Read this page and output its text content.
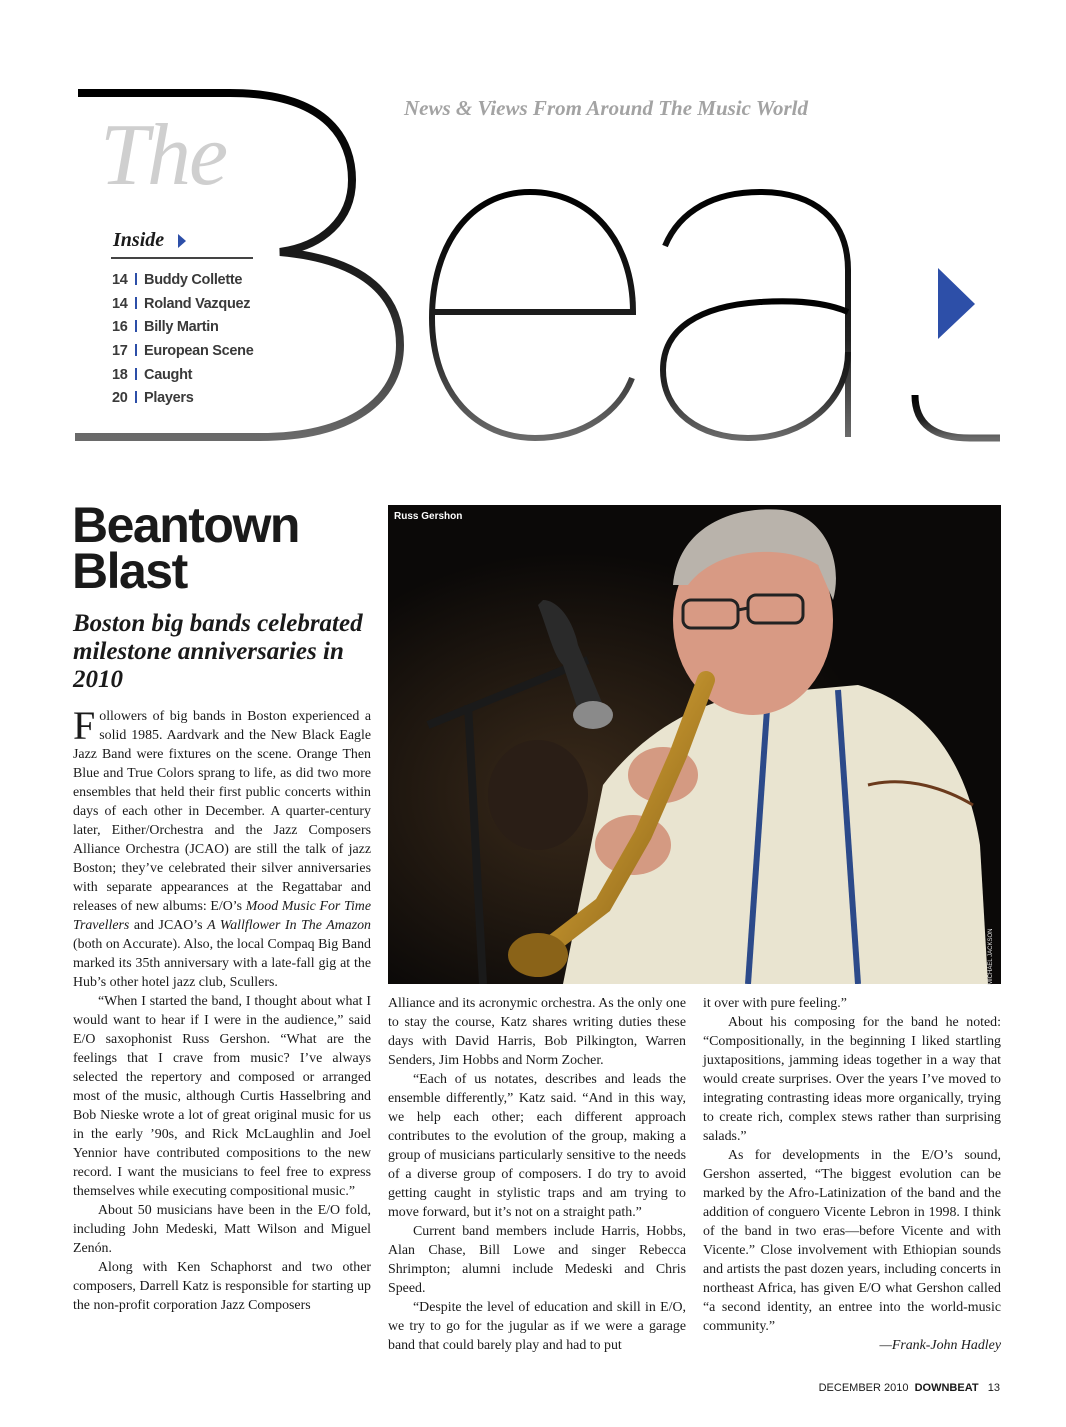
News & Views From Around The Music World
The
Inside
14 Buddy Collette
14 Roland Vazquez
16 Billy Martin
17 European Scene
18 Caught
20 Players
Beantown
Blast
Boston big bands celebrated milestone anniversaries in 2010
Russ Gershon
MICHAEL JACKSON

Followers of big bands in Boston experienced a solid 1985. Aardvark and the New Black Eagle Jazz Band were fixtures on the scene. Orange Then Blue and True Colors sprang to life, as did two more ensembles that held their first public concerts within days of each other in December. A quarter-century later, Either/Orchestra and the Jazz Composers Alliance Orchestra (JCAO) are still the talk of jazz Boston; they’ve celebrated their silver anniversaries with separate appearances at the Regattabar and releases of new albums: E/O’s Mood Music For Time Travellers and JCAO’s A Wallflower In The Amazon (both on Accurate). Also, the local Compaq Big Band marked its 35th anniversary with a late-fall gig at the Hub’s other hotel jazz club, Scullers.

“When I started the band, I thought about what I would want to hear if I were in the audience,” said E/O saxophonist Russ Gershon. “What are the feelings that I crave from music? I’ve always selected the repertory and composed or arranged most of the music, although Curtis Hasselbring and Bob Nieske wrote a lot of great original music for us in the early ’90s, and Rick McLaughlin and Joel Yennior have contributed compositions to the new record. I want the musicians to feel free to express themselves while executing compositional music.”

About 50 musicians have been in the E/O fold, including John Medeski, Matt Wilson and Miguel Zenón.

Along with Ken Schaphorst and two other composers, Darrell Katz is responsible for starting up the non-profit corporation Jazz Composers

Alliance and its acronymic orchestra. As the only one to stay the course, Katz shares writing duties these days with David Harris, Bob Pilkington, Warren Senders, Jim Hobbs and Norm Zocher.

“Each of us notates, describes and leads the ensemble differently,” Katz said. “And in this way, we help each other; each different approach contributes to the evolution of the group, making a group of musicians particularly sensitive to the needs of a diverse group of composers. I do try to avoid getting caught in stylistic traps and am trying to move forward, but it’s not on a straight path.”

Current band members include Harris, Hobbs, Alan Chase, Bill Lowe and singer Rebecca Shrimpton; alumni include Medeski and Chris Speed.

“Despite the level of education and skill in E/O, we try to go for the jugular as if we were a garage band that could barely play and had to put

it over with pure feeling.”

About his composing for the band he noted: “Compositionally, in the beginning I liked startling juxtapositions, jamming ideas together in a way that would create surprises. Over the years I’ve moved to integrating contrasting ideas more organically, trying to create rich, complex stews rather than surprising salads.”

As for developments in the E/O’s sound, Gershon asserted, “The biggest evolution can be marked by the Afro-Latinization of the band and the addition of conguero Vicente Lebron in 1998. I think of the band in two eras—before Vicente and with Vicente.” Close involvement with Ethiopian sounds and artists the past dozen years, including concerts in northeast Africa, has given E/O what Gershon called “a second identity, an entree into the world-music community.”

—Frank-John Hadley

DECEMBER 2010 DOWNBEAT 13
